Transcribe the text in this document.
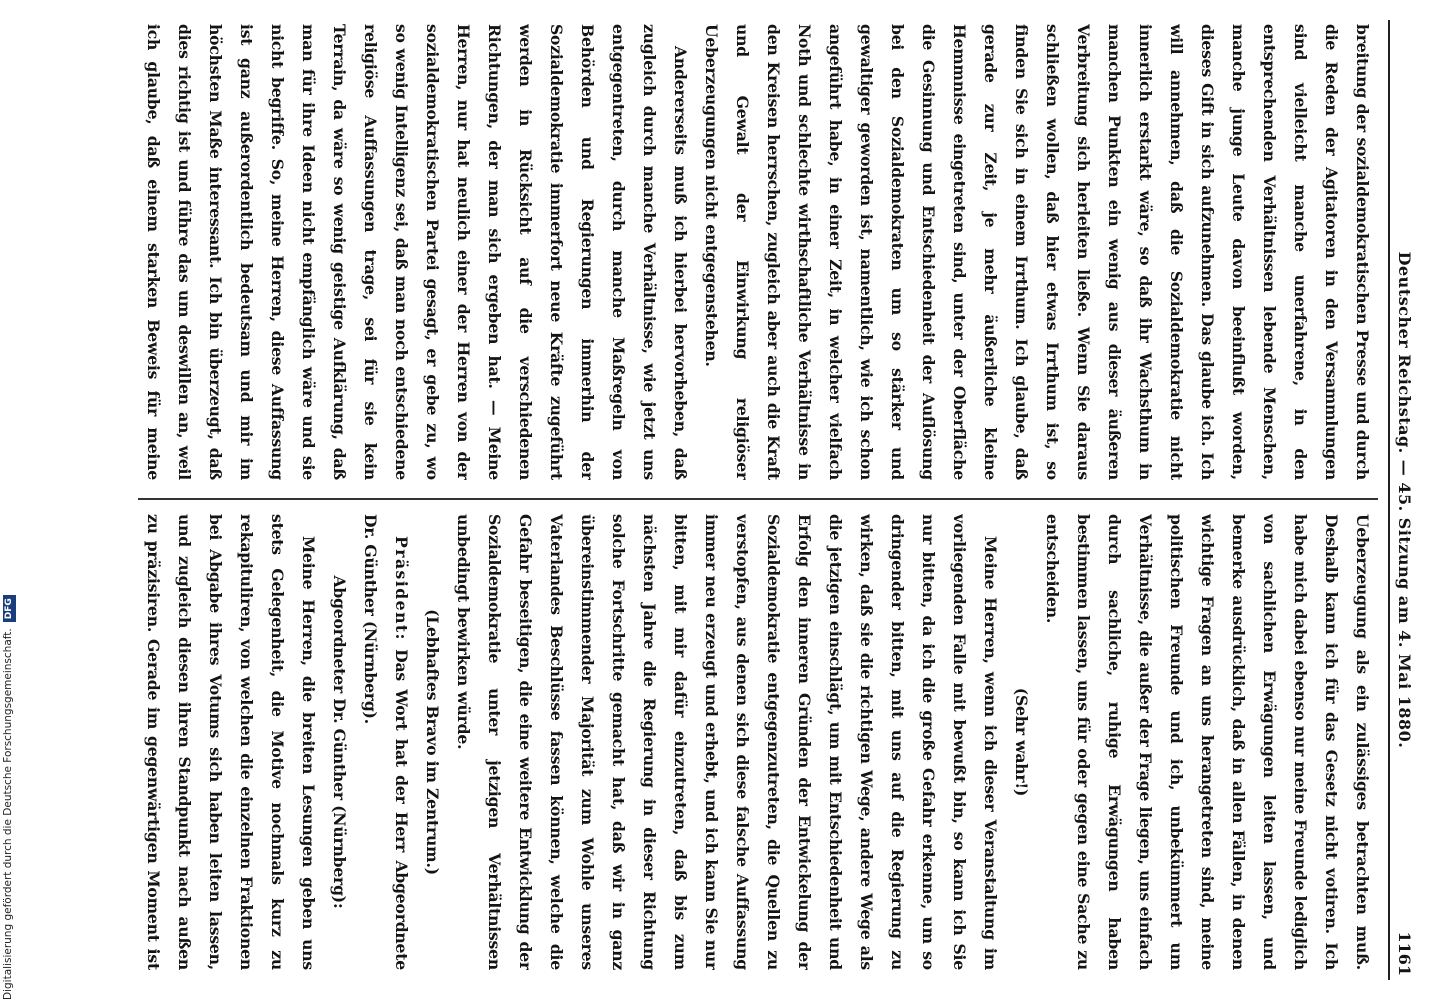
Deutscher Reichstag. — 45. Sitzung am 4. Mai 1880.
1161

breitung der sozialdemokratischen Presse und durch die Reden der Agitatoren in den Versammlungen sind vielleicht manche unerfahrene, in den entsprechenden Verhältnissen lebende Menschen, manche junge Leute davon beeinflußt worden, dieses Gift in sich aufzunehmen. Das glaube ich. Ich will annehmen, daß die Sozialdemokratie nicht innerlich erstarkt wäre, so daß ihr Wachsthum in manchen Punkten ein wenig aus dieser äußeren Verbreitung sich herleiten ließe. Wenn Sie daraus schließen wollen, daß hier etwas Irrthum ist, so finden Sie sich in einem Irrthum. Ich glaube, daß gerade zur Zeit, je mehr äußerliche kleine Hemmnisse eingetreten sind, unter der Oberfläche die Gesinnung und Entschiedenheit der Auflösung bei den Sozialdemokraten um so stärker und gewaltiger geworden ist, namentlich, wie ich schon angeführt habe, in einer Zeit, in welcher vielfach Noth und schlechte wirthschaftliche Verhältnisse in den Kreisen herrschen, zugleich aber auch die Kraft und Gewalt der Einwirkung religiöser Ueberzeugungen nicht entgegenstehen.

Andererseits muß ich hierbei hervorheben, daß zugleich durch manche Verhältnisse, wie jetzt uns entgegentreten, durch manche Maßregeln von Behörden und Regierungen immerhin der Sozialdemokratie immerfort neue Kräfte zugeführt werden in Rücksicht auf die verschiedenen Richtungen, der man sich ergeben hat. — Meine Herren, nur hat neulich einer der Herren von der sozialdemokratischen Partei gesagt, er gebe zu, wo so wenig Intelligenz sei, daß man noch entschiedene religiöse Auffassungen trage, sei für sie kein Terrain, da wäre so wenig geistige Aufklärung, daß man für ihre Ideen nicht empfänglich wäre und sie nicht begriffe. So, meine Herren, diese Auffassung ist ganz außerordentlich bedeutsam und mir im höchsten Maße interessant. Ich bin überzeugt, daß dies richtig ist und führe das um deswillen an, weil ich glaube, daß einem starken Beweis für meine

Ueberzeugung als ein zulässiges betrachten muß. Deshalb kann ich für das Gesetz nicht votiren. Ich habe mich dabei ebenso nur meine Freunde lediglich von sachlichen Erwägungen leiten lassen, und bemerke ausdrücklich, daß in allen Fällen, in denen wichtige Fragen an uns herangetreten sind, meine politischen Freunde und ich, unbekümmert um Verhältnisse, die außer der Frage liegen, uns einfach durch sachliche, ruhige Erwägungen haben bestimmen lassen, uns für oder gegen eine Sache zu entscheiden.

(Sehr wahr!)

Meine Herren, wenn ich dieser Veranstaltung im vorliegenden Falle mit bewußt bin, so kann ich Sie nur bitten, da ich die große Gefahr erkenne, um so dringender bitten, mit uns auf die Regierung zu wirken, daß sie die richtigen Wege, andere Wege als die jetzigen einschlägt, um mit Entschiedenheit und Erfolg den inneren Gründen der Entwickelung der Sozialdemokratie entgegenzutreten, die Quellen zu verstopfen, aus denen sich diese falsche Auffassung immer neu erzeugt und erhebt, und ich kann Sie nur bitten, mit mir dafür einzutreten, daß bis zum nächsten Jahre die Regierung in dieser Richtung solche Fortschritte gemacht hat, daß wir in ganz übereinstimmender Majorität zum Wohle unseres Vaterlandes Beschlüsse fassen können, welche die Gefahr beseitigen, die eine weitere Entwicklung der Sozialdemokratie unter jetzigen Verhältnissen unbedingt bewirken würde.

(Lebhaftes Bravo im Zentrum.)

Präsident: Das Wort hat der Herr Abgeordnete Dr. Günther (Nürnberg).

Abgeordneter Dr. Günther (Nürnberg):

Meine Herren, die breiten Lesungen geben uns stets Gelegenheit, die Motive nochmals kurz zu rekapituliren, von welchen die einzelnen Fraktionen bei Abgabe ihres Votums sich haben leiten lassen, und zugleich diesen ihren Standpunkt nach außen zu präzisiren. Gerade im gegenwärtigen Moment ist

Digitalisierung gefördert durch die Deutsche Forschungsgemeinschaft.DFG
